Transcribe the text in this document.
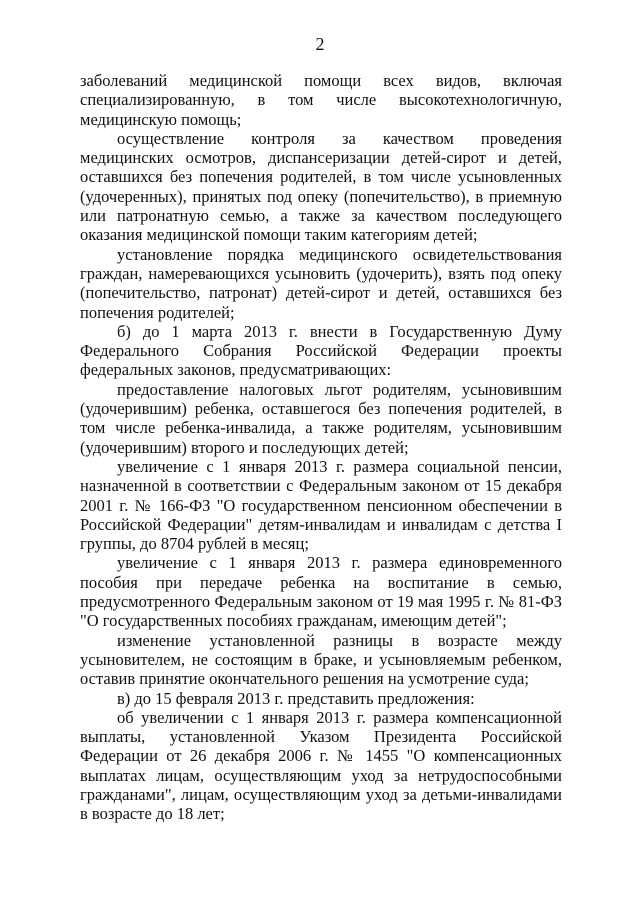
2

заболеваний медицинской помощи всех видов, включая специализированную, в том числе высокотехнологичную, медицинскую помощь;

осуществление контроля за качеством проведения медицинских осмотров, диспансеризации детей-сирот и детей, оставшихся без попечения родителей, в том числе усыновленных (удочеренных), принятых под опеку (попечительство), в приемную или патронатную семью, а также за качеством последующего оказания медицинской помощи таким категориям детей;

установление порядка медицинского освидетельствования граждан, намеревающихся усыновить (удочерить), взять под опеку (попечительство, патронат) детей-сирот и детей, оставшихся без попечения родителей;

б) до 1 марта 2013 г. внести в Государственную Думу Федерального Собрания Российской Федерации проекты федеральных законов, предусматривающих:

предоставление налоговых льгот родителям, усыновившим (удочерившим) ребенка, оставшегося без попечения родителей, в том числе ребенка-инвалида, а также родителям, усыновившим (удочерившим) второго и последующих детей;

увеличение с 1 января 2013 г. размера социальной пенсии, назначенной в соответствии с Федеральным законом от 15 декабря 2001 г. № 166-ФЗ "О государственном пенсионном обеспечении в Российской Федерации" детям-инвалидам и инвалидам с детства I группы, до 8704 рублей в месяц;

увеличение с 1 января 2013 г. размера единовременного пособия при передаче ребенка на воспитание в семью, предусмотренного Федеральным законом от 19 мая 1995 г. № 81-ФЗ "О государственных пособиях гражданам, имеющим детей";

изменение установленной разницы в возрасте между усыновителем, не состоящим в браке, и усыновляемым ребенком, оставив принятие окончательного решения на усмотрение суда;

в) до 15 февраля 2013 г. представить предложения:

об увеличении с 1 января 2013 г. размера компенсационной выплаты, установленной Указом Президента Российской Федерации от 26 декабря 2006 г. № 1455 "О компенсационных выплатах лицам, осуществляющим уход за нетрудоспособными гражданами", лицам, осуществляющим уход за детьми-инвалидами в возрасте до 18 лет;
